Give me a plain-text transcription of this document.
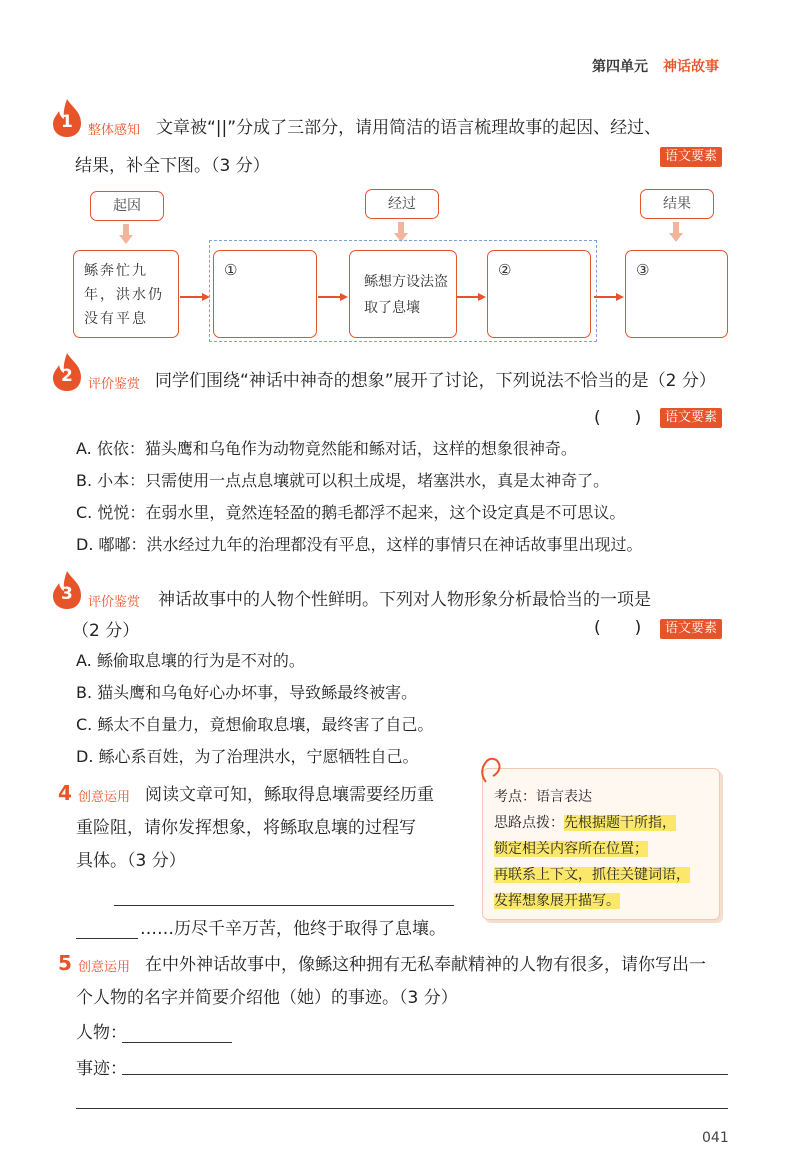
第四单元 神话故事
1 整体感知 文章被“||”分成了三部分，请用简洁的语言梳理故事的起因、经过、
结果，补全下图。（3 分）	语文要素
起因	经过	结果
鲧奔忙九年，洪水仍没有平息
①
鲧想方设法盗取了息壤
②	③
2 评价鉴赏 同学们围绕“神话中神奇的想象”展开了讨论，下列说法不恰当的是（2 分）
(　　)	语文要素
A. 依依：猫头鹰和乌龟作为动物竟然能和鲧对话，这样的想象很神奇。
B. 小本：只需使用一点点息壤就可以积土成堤，堵塞洪水，真是太神奇了。
C. 悦悦：在弱水里，竟然连轻盈的鹅毛都浮不起来，这个设定真是不可思议。
D. 嘟嘟：洪水经过九年的治理都没有平息，这样的事情只在神话故事里出现过。
3 评价鉴赏 神话故事中的人物个性鲜明。下列对人物形象分析最恰当的一项是
（2 分）	(　　)	语文要素
A. 鲧偷取息壤的行为是不对的。
B. 猫头鹰和乌龟好心办坏事，导致鲧最终被害。
C. 鲧太不自量力，竟想偷取息壤，最终害了自己。
D. 鲧心系百姓，为了治理洪水，宁愿牺牲自己。
4 创意运用 阅读文章可知，鲧取得息壤需要经历重
重险阻，请你发挥想象，将鲧取息壤的过程写
具体。（3 分）
……历尽千辛万苦，他终于取得了息壤。
考点：语言表达
思路点拨：先根据题干所指，
锁定相关内容所在位置；
再联系上下文，抓住关键词语，
发挥想象展开描写。
5 创意运用 在中外神话故事中，像鲧这种拥有无私奉献精神的人物有很多，请你写出一
个人物的名字并简要介绍他（她）的事迹。（3 分）
人物：
事迹：
041
